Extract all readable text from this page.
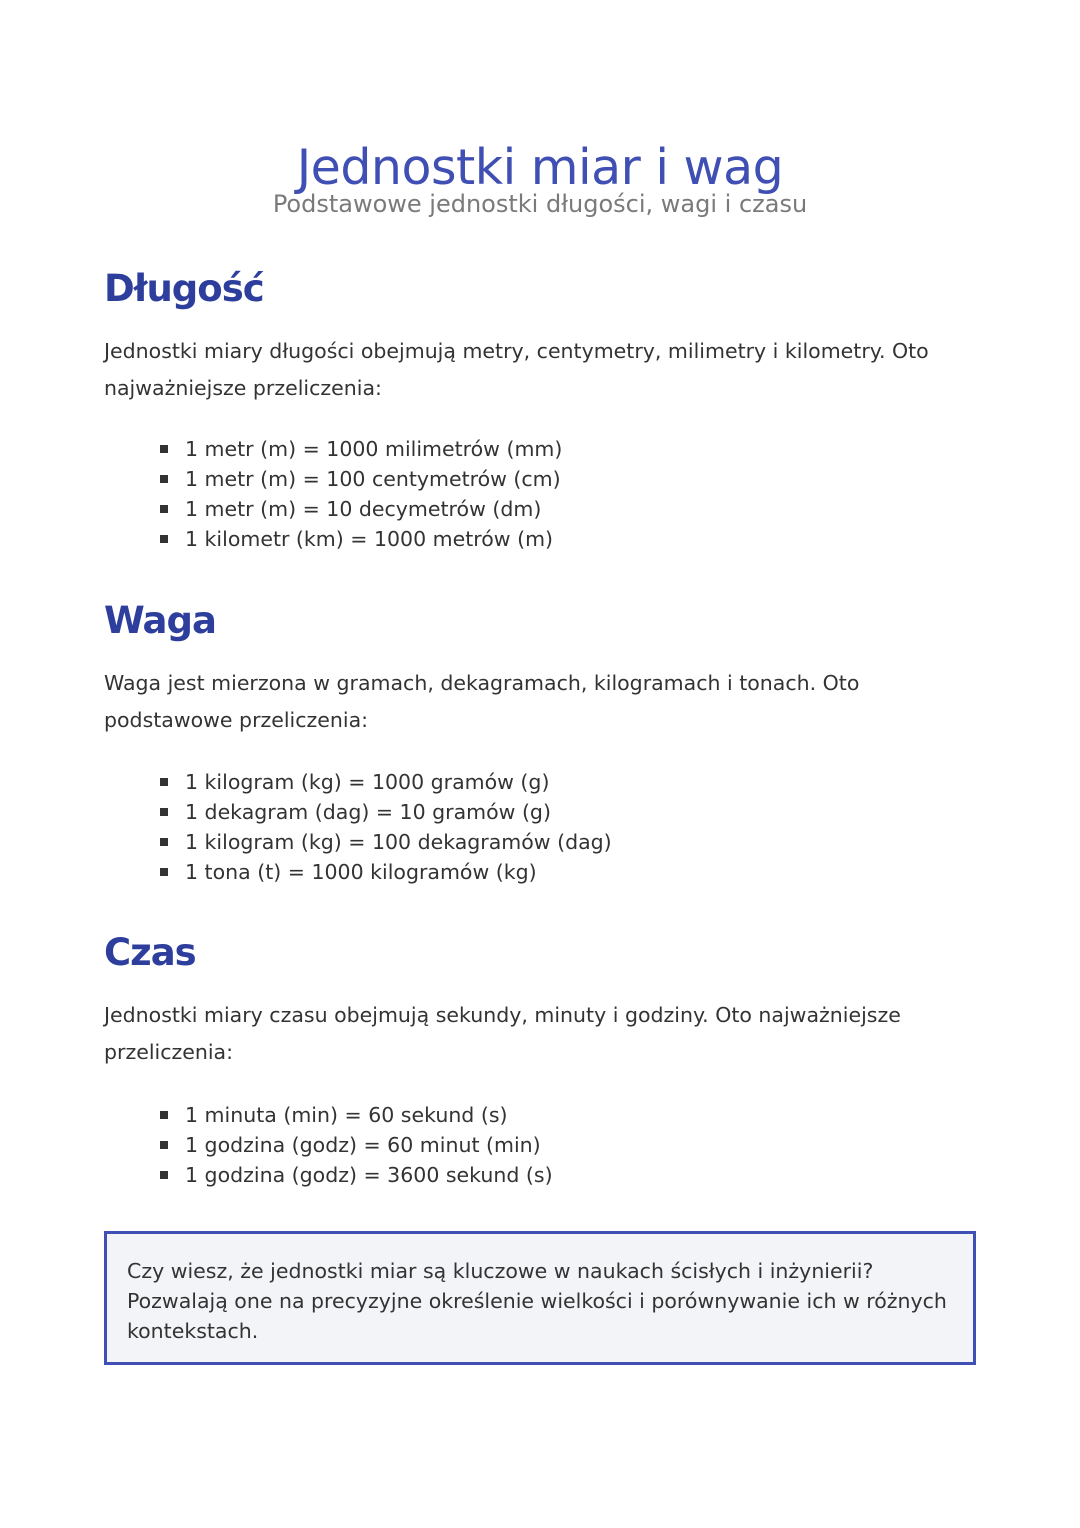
Jednostki miar i wag
Podstawowe jednostki długości, wagi i czasu
Długość

Jednostki miary długości obejmują metry, centymetry, milimetry i kilometry. Oto najważniejsze przeliczenia:

1 metr (m) = 1000 milimetrów (mm)
1 metr (m) = 100 centymetrów (cm)
1 metr (m) = 10 decymetrów (dm)
1 kilometr (km) = 1000 metrów (m)
Waga

Waga jest mierzona w gramach, dekagramach, kilogramach i tonach. Oto podstawowe przeliczenia:

1 kilogram (kg) = 1000 gramów (g)
1 dekagram (dag) = 10 gramów (g)
1 kilogram (kg) = 100 dekagramów (dag)
1 tona (t) = 1000 kilogramów (kg)
Czas

Jednostki miary czasu obejmują sekundy, minuty i godziny. Oto najważniejsze przeliczenia:

1 minuta (min) = 60 sekund (s)
1 godzina (godz) = 60 minut (min)
1 godzina (godz) = 3600 sekund (s)

Czy wiesz, że jednostki miar są kluczowe w naukach ścisłych i inżynierii? Pozwalają one na precyzyjne określenie wielkości i porównywanie ich w różnych kontekstach.
